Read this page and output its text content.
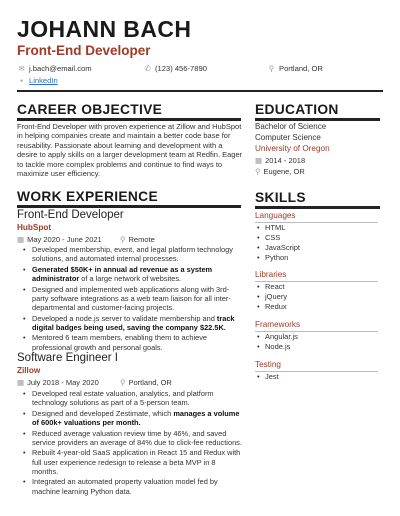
JOHANN BACH
Front-End Developer
✉ j.bach@email.com	✆ (123) 456-7890	⚲ Portland, OR
▪ LinkedIn
CAREER OBJECTIVE
Front-End Developer with proven experience at Zillow and HubSpot in helping companies create and maintain a better code base for reusability. Passionate about learning and development with a desire to apply skills on a larger development team at Redfin. Eager to tackle more complex problems and continue to find ways to maximize user efficiency.
EDUCATION
Bachelor of Science
Computer Science
University of Oregon
▦ 2014 - 2018
⚲ Eugene, OR
WORK EXPERIENCE
Front-End Developer
HubSpot
▦ May 2020 - June 2021 ⚲ Remote
• Developed membership, event, and legal platform technology solutions, and automated internal processes.
• Generated $50K+ in annual ad revenue as a system administrator of a large network of websites.
• Designed and implemented web applications along with 3rd-party software integrations as a web team liaison for all inter-departmental and customer-facing projects.
• Developed a node.js server to validate membership and track digital badges being used, saving the company $22.5K.
• Mentored 6 team members, enabling them to achieve professional growth and personal goals.
Software Engineer I
Zillow
▦ July 2018 - May 2020	⚲ Portland, OR
• Developed real estate valuation, analytics, and platform technology solutions as part of a 5-person team.
• Designed and developed Zestimate, which manages a volume of 600k+ valuations per month.
• Reduced average valuation review time by 46%, and saved service providers an average of 84% due to click-fee reductions.
• Rebuilt 4-year-old SaaS application in React 15 and Redux with full user experience redesign to release a beta MVP in 8 months.
• Integrated an automated property valuation model fed by machine learning Python data.
SKILLS
Languages
• HTML
• CSS
• JavaScript
• Python
Libraries
• React
• jQuery
• Redux
Frameworks
• Angular.js
• Node.js
Testing
• Jest
